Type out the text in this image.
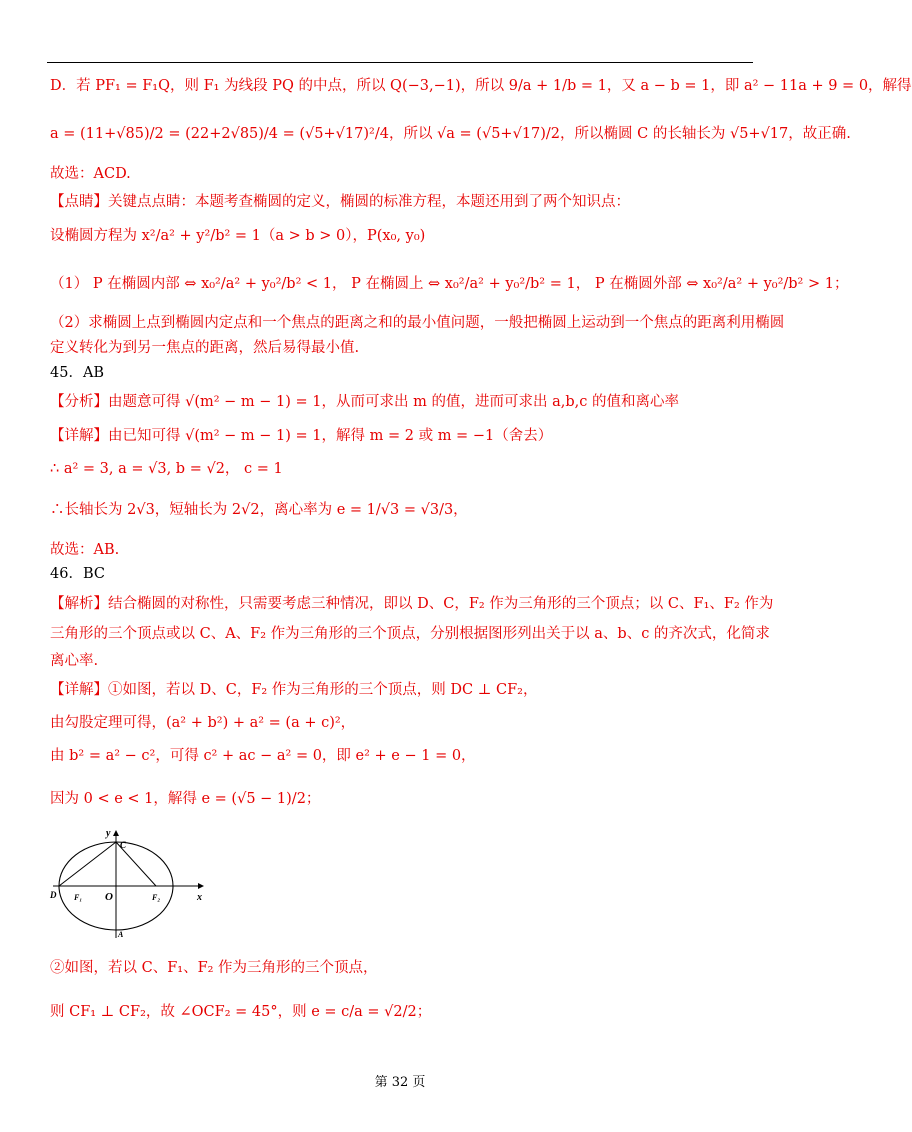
D．若 PF₁ = F₁Q，则 F₁ 为线段 PQ 的中点，所以 Q(−3,−1)，所以 9/a + 1/b = 1，又 a − b = 1，即 a² − 11a + 9 = 0，解得
a = (11+√85)/2 = (22+2√85)/4 = (√5+√17)²/4，所以 √a = (√5+√17)/2，所以椭圆 C 的长轴长为 √5+√17，故正确.
故选：ACD.
【点睛】关键点点睛：本题考查椭圆的定义，椭圆的标准方程，本题还用到了两个知识点：
设椭圆方程为 x²/a² + y²/b² = 1（a > b > 0），P(x₀, y₀)
（1） P 在椭圆内部 ⇔ x₀²/a² + y₀²/b² < 1， P 在椭圆上 ⇔ x₀²/a² + y₀²/b² = 1， P 在椭圆外部 ⇔ x₀²/a² + y₀²/b² > 1；
（2）求椭圆上点到椭圆内定点和一个焦点的距离之和的最小值问题，一般把椭圆上运动到一个焦点的距离利用椭圆
定义转化为到另一焦点的距离，然后易得最小值.
45．AB
【分析】由题意可得 √(m² − m − 1) = 1，从而可求出 m 的值，进而可求出 a,b,c 的值和离心率
【详解】由已知可得 √(m² − m − 1) = 1，解得 m = 2 或 m = −1（舍去）
∴ a² = 3, a = √3, b = √2， c = 1
∴长轴长为 2√3，短轴长为 2√2，离心率为 e = 1/√3 = √3/3，
故选：AB.
46．BC
【解析】结合椭圆的对称性，只需要考虑三种情况，即以 D、C，F₂ 作为三角形的三个顶点；以 C、F₁、F₂ 作为
三角形的三个顶点或以 C、A、F₂ 作为三角形的三个顶点，分别根据图形列出关于以 a、b、c 的齐次式，化简求
离心率.
【详解】①如图，若以 D、C，F₂ 作为三角形的三个顶点，则 DC ⊥ CF₂，
由勾股定理可得，(a² + b²) + a² = (a + c)²，
由 b² = a² − c²，可得 c² + ac − a² = 0，即 e² + e − 1 = 0，
因为 0 < e < 1，解得 e = (√5 − 1)/2；
y
C
D F₁ O	F₂	x
A
②如图，若以 C、F₁、F₂ 作为三角形的三个顶点，
则 CF₁ ⊥ CF₂，故 ∠OCF₂ = 45°，则 e = c/a = √2/2；
第 32 页
